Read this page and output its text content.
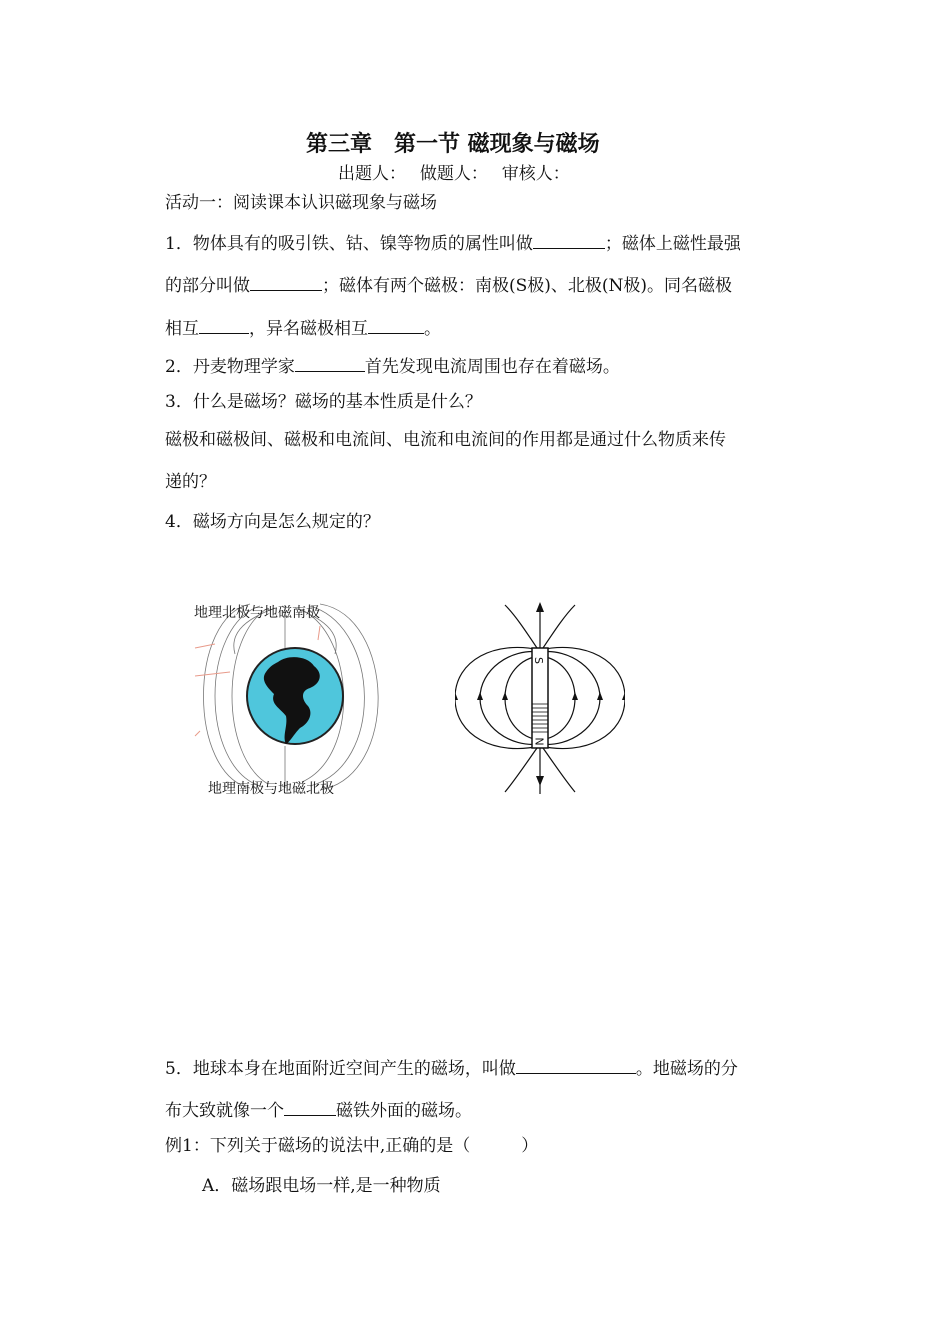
第三章　第一节 磁现象与磁场
出题人：　 做题人：　 审核人：
活动一：阅读课本认识磁现象与磁场
1．物体具有的吸引铁、钴、镍等物质的属性叫做	；磁体上磁性最强
的部分叫做	；磁体有两个磁极：南极(S极)、北极(N极)。同名磁极
相互	，异名磁极相互	。
2．丹麦物理学家	首先发现电流周围也存在着磁场。
3．什么是磁场？磁场的基本性质是什么？
磁极和磁极间、磁极和电流间、电流和电流间的作用都是通过什么物质来传
递的？
4．磁场方向是怎么规定的？
地理北极与地磁南极
地理南极与地磁北极
S
N
5．地球本身在地面附近空间产生的磁场，叫做	。地磁场的分
布大致就像一个	磁铁外面的磁场。
例1：下列关于磁场的说法中,正确的是（　　　）
A．磁场跟电场一样,是一种物质
